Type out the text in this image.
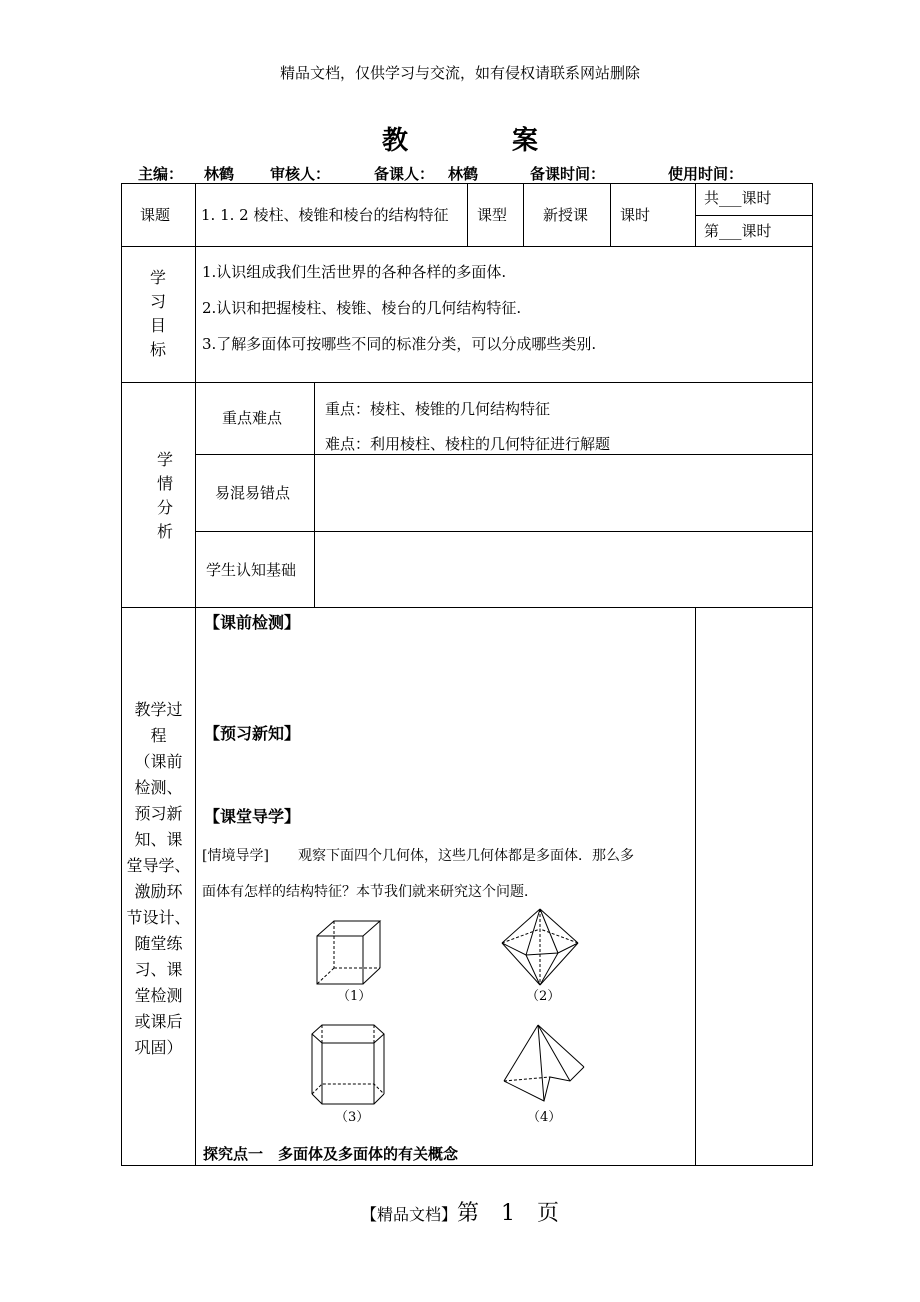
精品文档，仅供学习与交流，如有侵权请联系网站删除
教　　　　案
主编： 林鹤 审核人：	备课人： 林鹤	备课时间：	使用时间：
课题 1. 1. 2 棱柱、棱锥和棱台的结构特征 课型 新授课 课时
共___课时
第___课时
学
习
目
标
1.认识组成我们生活世界的各种各样的多面体.
2.认识和把握棱柱、棱锥、棱台的几何结构特征.
3.了解多面体可按哪些不同的标准分类，可以分成哪些类别.
学
情
分
析
重点难点	重点：棱柱、棱锥的几何结构特征
难点：利用棱柱、棱柱的几何特征进行解题
易混易错点
学生认知基础
教学过
程
（课前
检测、
预习新
知、课
堂导学、
激励环
节设计、
随堂练
习、课
堂检测
或课后
巩固）
【课前检测】
【预习新知】
【课堂导学】
[情境导学] 观察下面四个几何体，这些几何体都是多面体．那么多
面体有怎样的结构特征？本节我们就来研究这个问题．
（1）	（2）
（3）	（4）
探究点一　多面体及多面体的有关概念
【精品文档】第　1　页
